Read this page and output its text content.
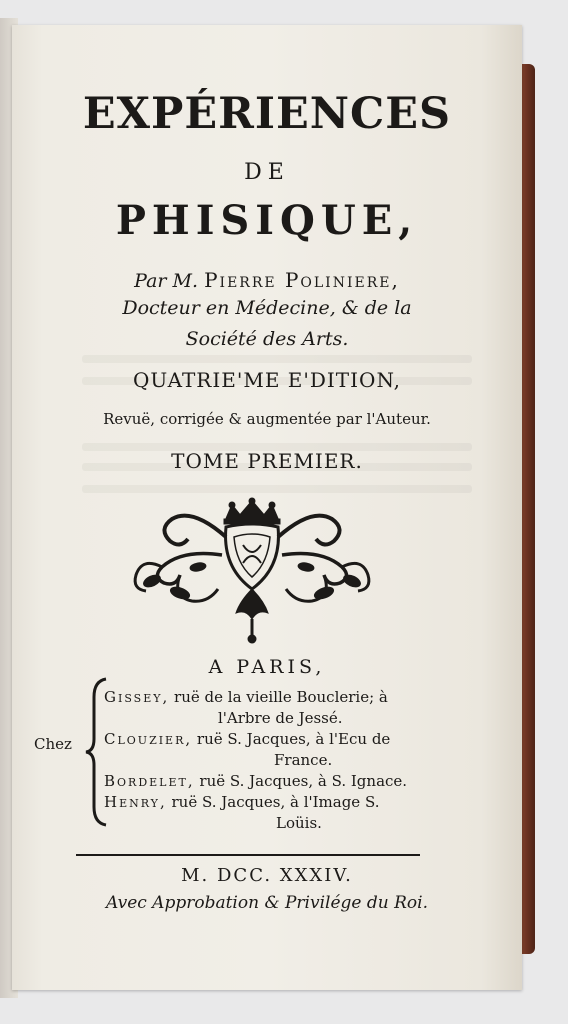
EXPÉRIENCES
DE
PHISIQUE,
Par M. Pierre Poliniere,
Docteur en Médecine, & de la
Société des Arts.
QUATRIE'ME E'DITION,
Revuë, corrigée & augmentée par l'Auteur.
TOME PREMIER.
A PARIS,
Chez
Gissey, ruë de la vieille Bouclerie; à
l'Arbre de Jessé.
Clouzier, ruë S. Jacques, à l'Ecu de
France.
Bordelet, ruë S. Jacques, à S. Ignace.
Henry, ruë S. Jacques, à l'Image S.
Loüis.
M. DCC. XXXIV.
Avec Approbation & Privilége du Roi.
